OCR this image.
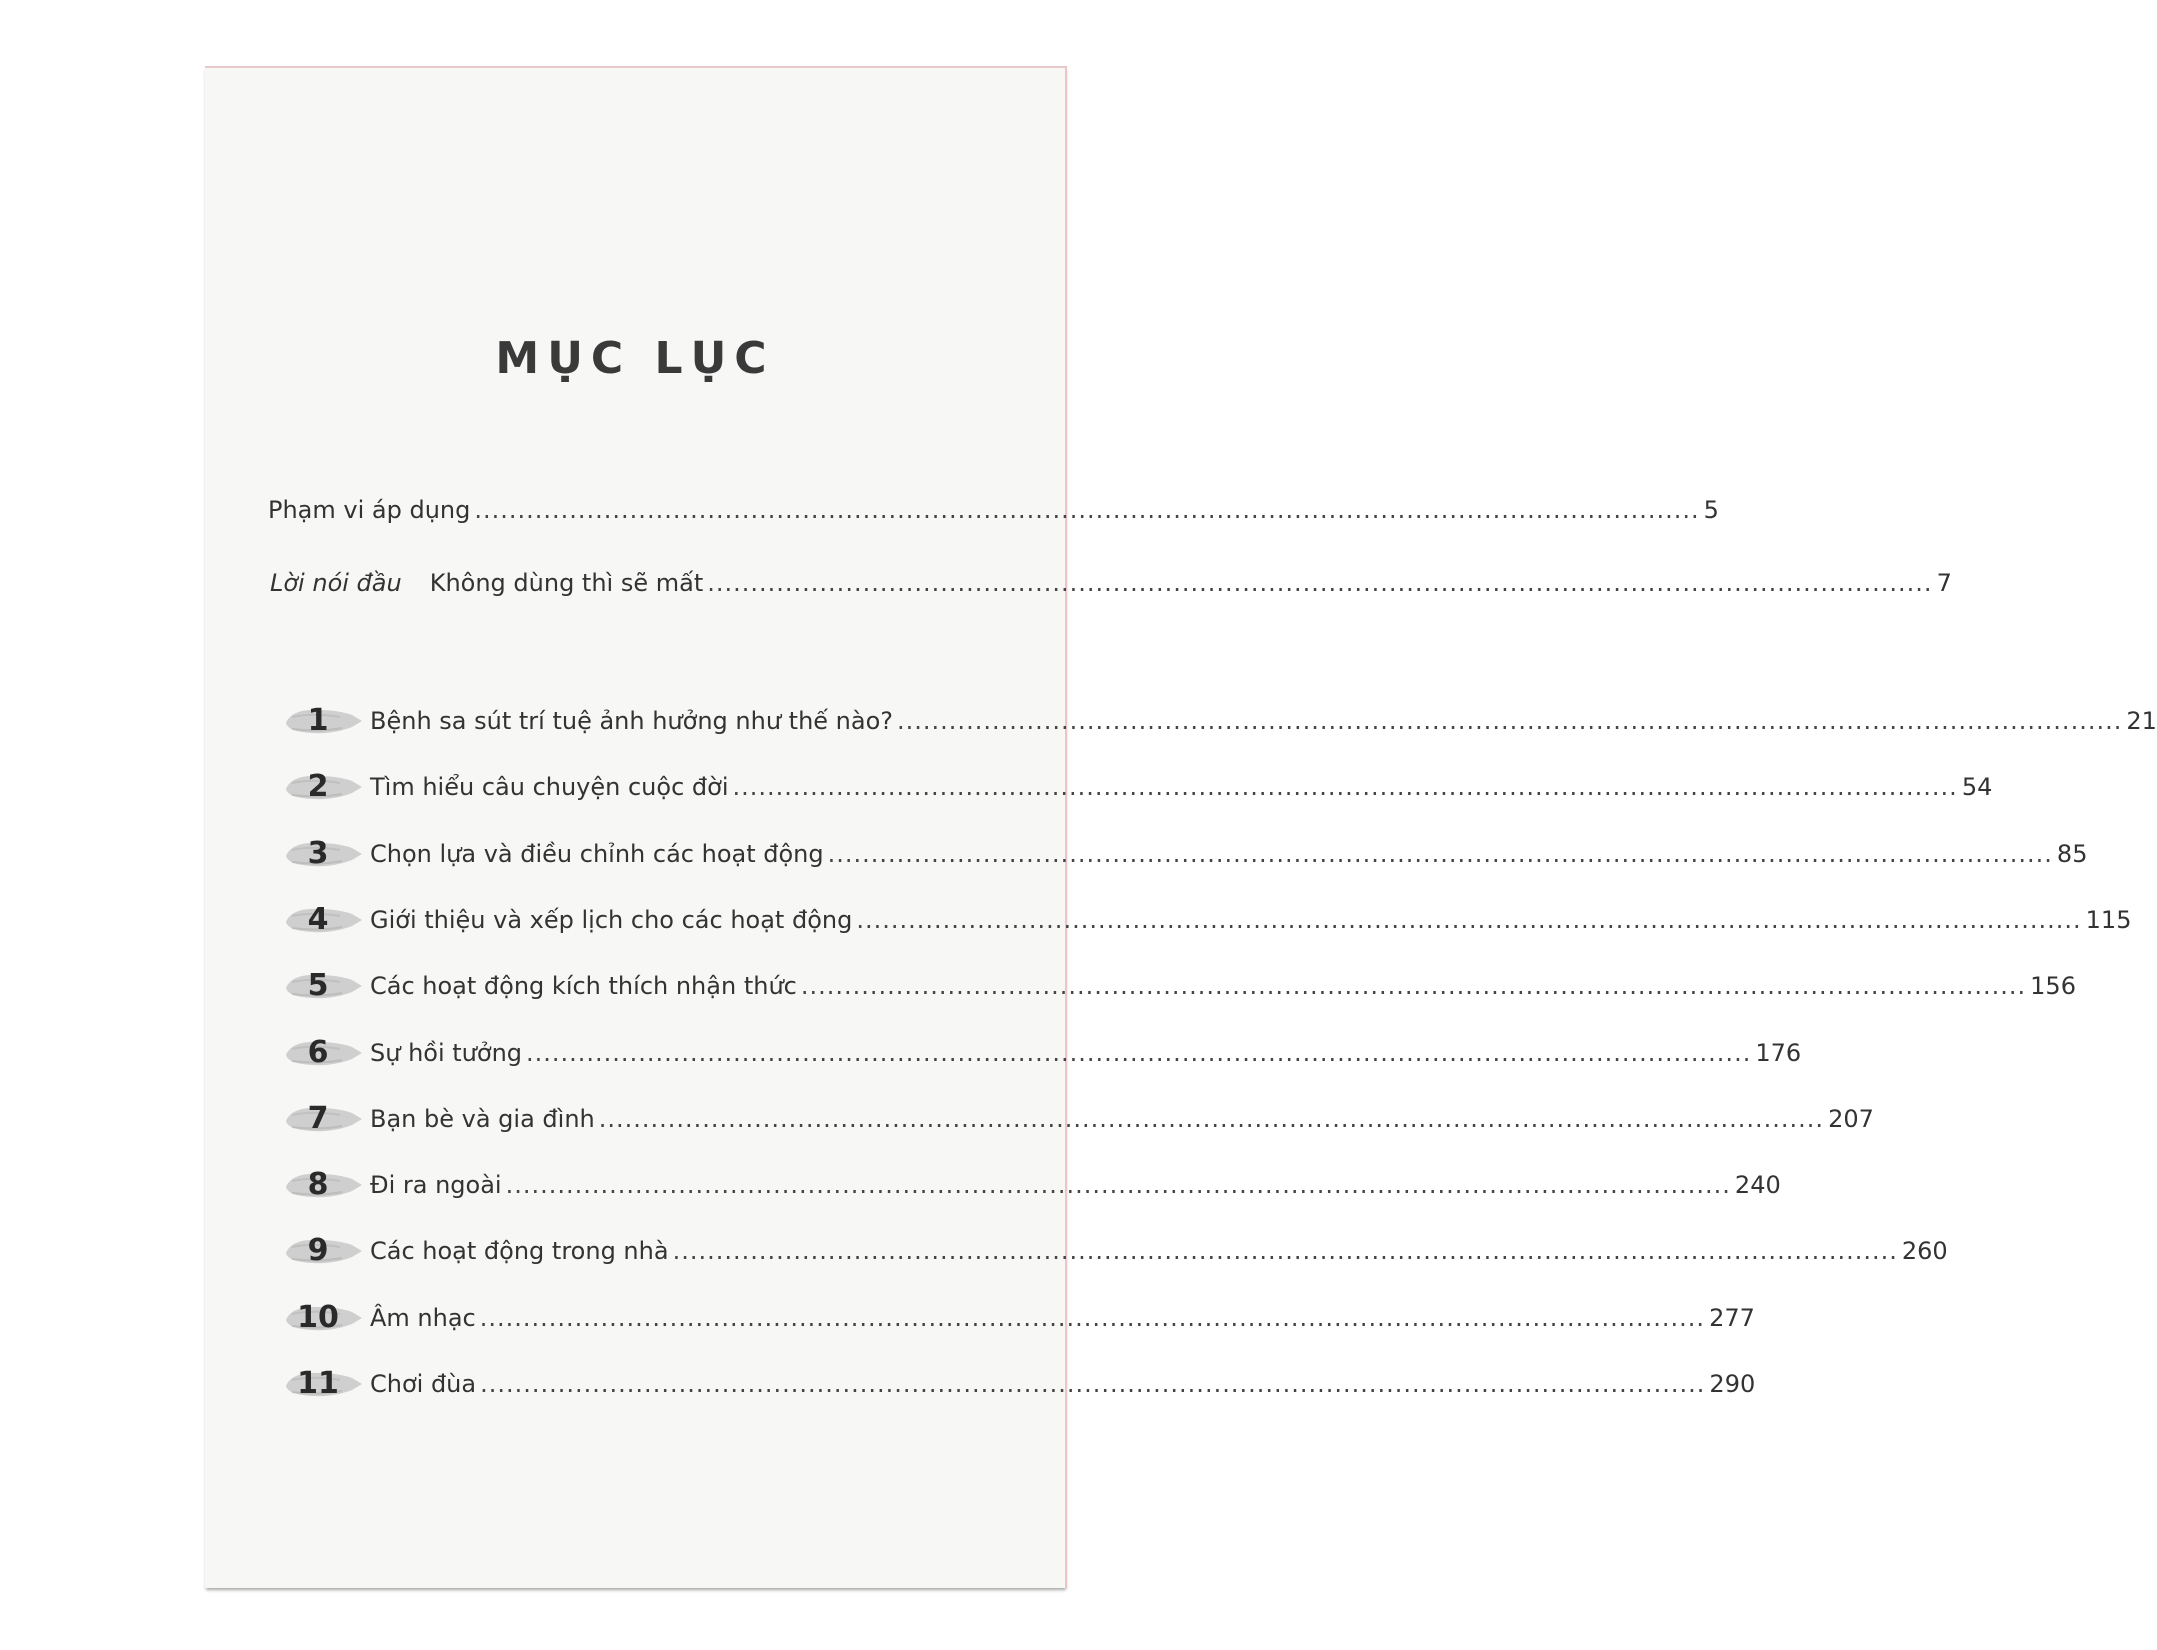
MỤC LỤC
Phạm vi áp dụng .....	5
Lời nói đầu Không dùng thì sẽ mất .....	7
1	Bệnh sa sút trí tuệ ảnh hưởng như thế nào? .....	21
2	Tìm hiểu câu chuyện cuộc đời .....	54
3	Chọn lựa và điều chỉnh các hoạt động .....	85
4	Giới thiệu và xếp lịch cho các hoạt động .....	115
5	Các hoạt động kích thích nhận thức .....	156
6	Sự hồi tưởng .....	176
7	Bạn bè và gia đình .....	207
8	Đi ra ngoài .....	240
9	Các hoạt động trong nhà .....	260
10	Âm nhạc .....	277
11	Chơi đùa .....	290
